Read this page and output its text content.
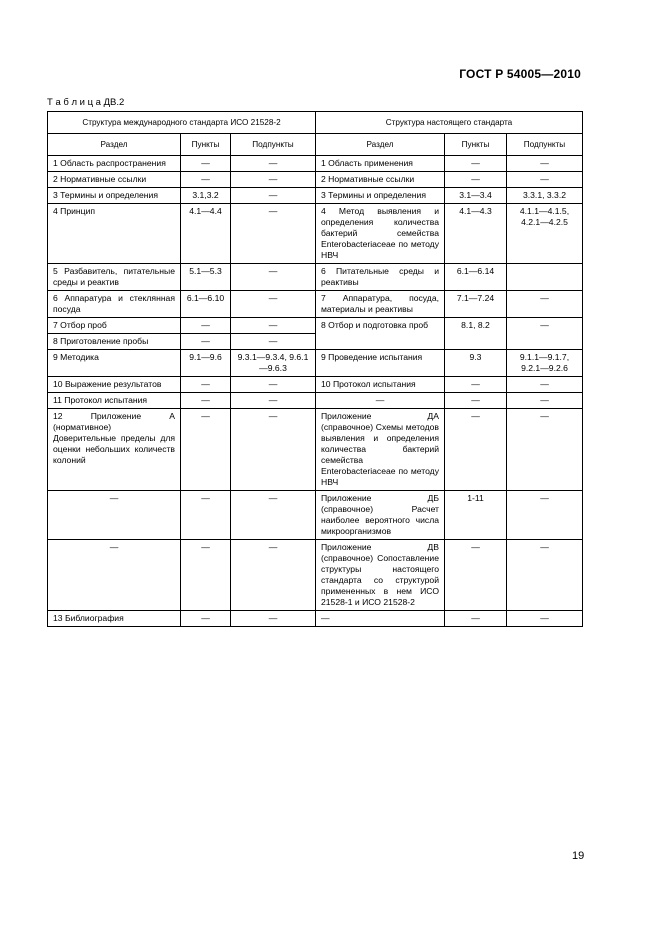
ГОСТ Р 54005—2010
Т а б л и ц а ДВ.2
Структура международного стандарта ИСО 21528-2			Структура настоящего стандарта		
Раздел	Пункты	Подпункты	Раздел	Пункты	Подпункты
1 Область распространения	—	—	1 Область применения	—	—
2 Нормативные ссылки	—	—	2 Нормативные ссылки	—	—
3 Термины и определения	3.1,3.2	—	3 Термины и определения	3.1—3.4	3.3.1, 3.3.2
4 Принцип	4.1—4.4	—	4 Метод выявления и определения количества бактерий семейства Enterobacteriaceae по методу НВЧ	4.1—4.3	4.1.1—4.1.5, 4.2.1—4.2.5
5 Разбавитель, питательные среды и реактив	5.1—5.3	—	6 Питательные среды и реактивы	6.1—6.14	
6 Аппаратура и стеклянная посуда	6.1—6.10	—	7 Аппаратура, посуда, материалы и реактивы	7.1—7.24	—
7 Отбор проб	—	—	8 Отбор и подготовка проб	8.1, 8.2	—
8 Приготовление пробы	—	—			
9 Методика	9.1—9.6	9.3.1—9.3.4, 9.6.1—9.6.3	9 Проведение испытания	9.3	9.1.1—9.1.7, 9.2.1—9.2.6
10 Выражение результатов	—	—	10 Протокол испытания	—	—
11 Протокол испытания	—	—	—	—	—
12 Приложение А (нормативное) Доверительные пределы для оценки небольших количеств колоний	—	—	Приложение ДА (справочное) Схемы методов выявления и определения количества бактерий семейства Enterobacteriaceae по методу НВЧ	—	—
—	—	—	Приложение ДБ (справочное) Расчет наиболее вероятного числа микроорганизмов	1-11	—
—	—	—	Приложение ДВ (справочное) Сопоставление структуры настоящего стандарта со структурой примененных в нем ИСО 21528-1 и ИСО 21528-2	—	—
13 Библиография	—	—	—	—	—
19
